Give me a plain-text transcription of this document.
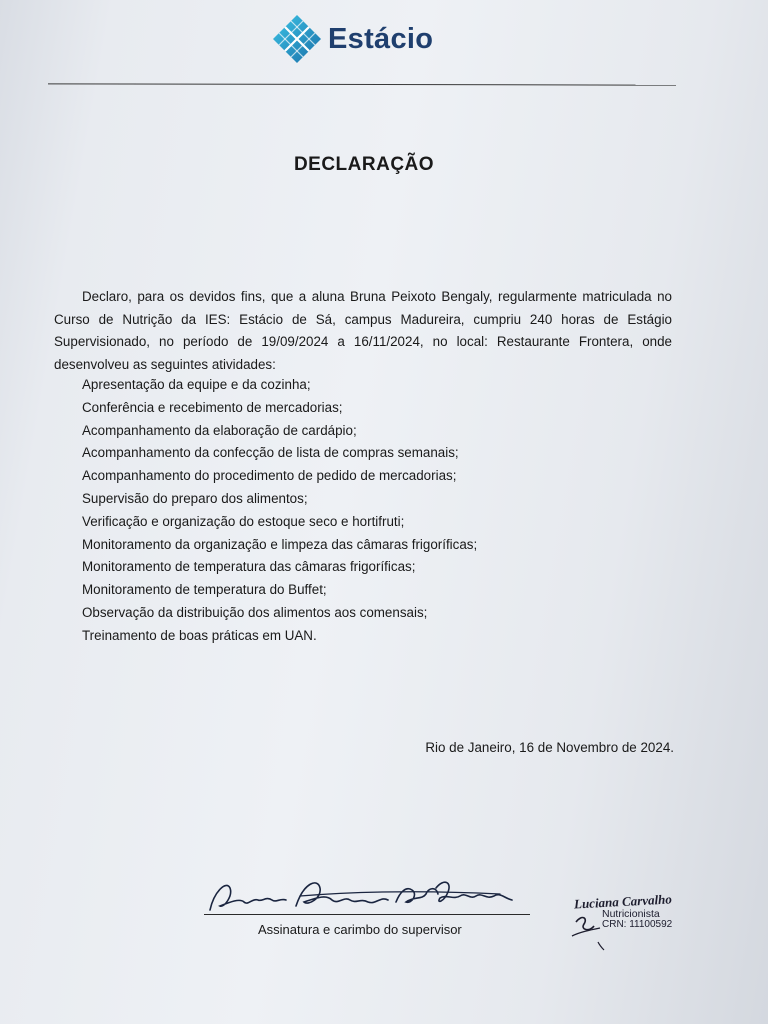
Estácio
DECLARAÇÃO

Declaro, para os devidos fins, que a aluna Bruna Peixoto Bengaly, regularmente matriculada no Curso de Nutrição da IES: Estácio de Sá, campus Madureira, cumpriu 240 horas de Estágio Supervisionado, no período de 19/09/2024 a 16/11/2024, no local: Restaurante Frontera, onde desenvolveu as seguintes atividades:

Apresentação da equipe e da cozinha;
Conferência e recebimento de mercadorias;
Acompanhamento da elaboração de cardápio;
Acompanhamento da confecção de lista de compras semanais;
Acompanhamento do procedimento de pedido de mercadorias;
Supervisão do preparo dos alimentos;
Verificação e organização do estoque seco e hortifruti;
Monitoramento da organização e limpeza das câmaras frigoríficas;
Monitoramento de temperatura das câmaras frigoríficas;
Monitoramento de temperatura do Buffet;
Observação da distribuição dos alimentos aos comensais;
Treinamento de boas práticas em UAN.
Rio de Janeiro, 16 de Novembro de 2024.
Assinatura e carimbo do supervisor
Luciana Carvalho
Nutricionista
CRN: 11100592
